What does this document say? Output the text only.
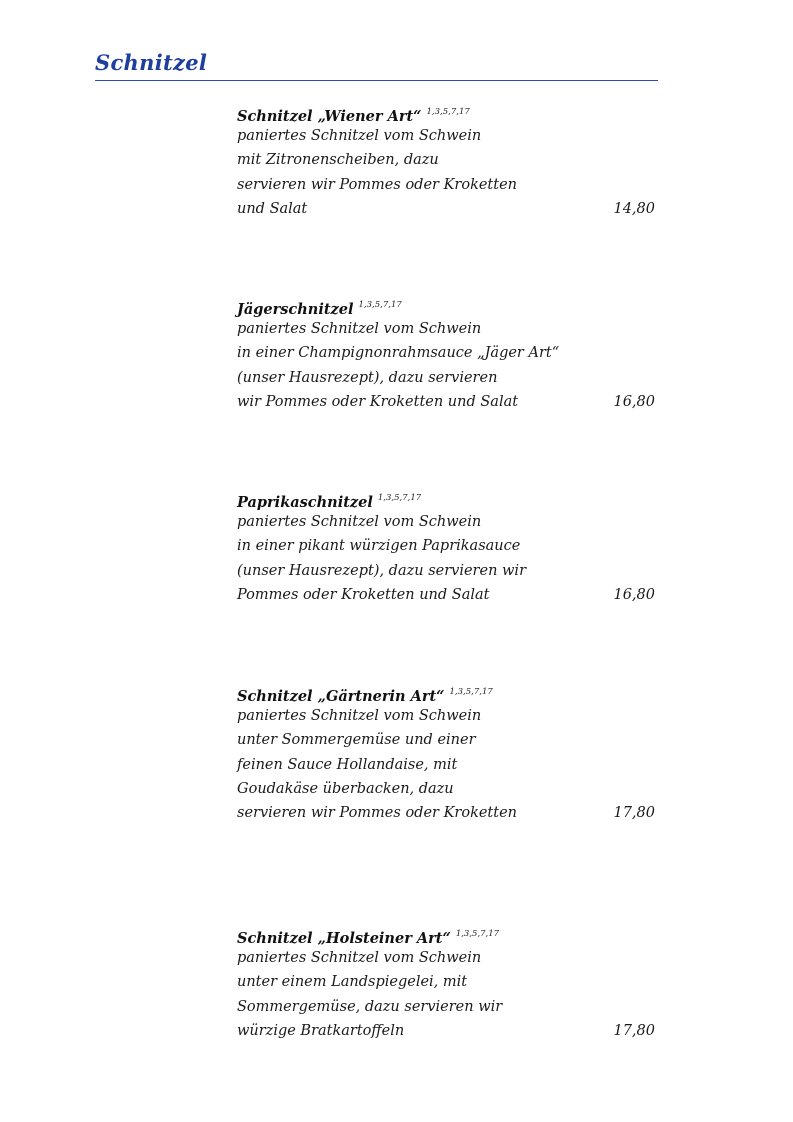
Schnitzel
Schnitzel „Wiener Art“ $^{1,3,5,7,17}$
paniertes Schnitzel vom Schwein
mit Zitronenscheiben, dazu
servieren wir Pommes oder Kroketten
und Salat	14,80
Jägerschnitzel $^{1,3,5,7,17}$
paniertes Schnitzel vom Schwein
in einer Champignonrahmsauce „Jäger Art“
(unser Hausrezept), dazu servieren
wir Pommes oder Kroketten und Salat	16,80
Paprikaschnitzel $^{1,3,5,7,17}$
paniertes Schnitzel vom Schwein
in einer pikant würzigen Paprikasauce
(unser Hausrezept), dazu servieren wir
Pommes oder Kroketten und Salat	16,80
Schnitzel „Gärtnerin Art“ $^{1,3,5,7,17}$
paniertes Schnitzel vom Schwein
unter Sommergemüse und einer
feinen Sauce Hollandaise, mit
Goudakäse überbacken, dazu
servieren wir Pommes oder Kroketten	17,80
Schnitzel „Holsteiner Art“ $^{1,3,5,7,17}$
paniertes Schnitzel vom Schwein
unter einem Landspiegelei, mit
Sommergemüse, dazu servieren wir
würzige Bratkartoffeln	17,80
